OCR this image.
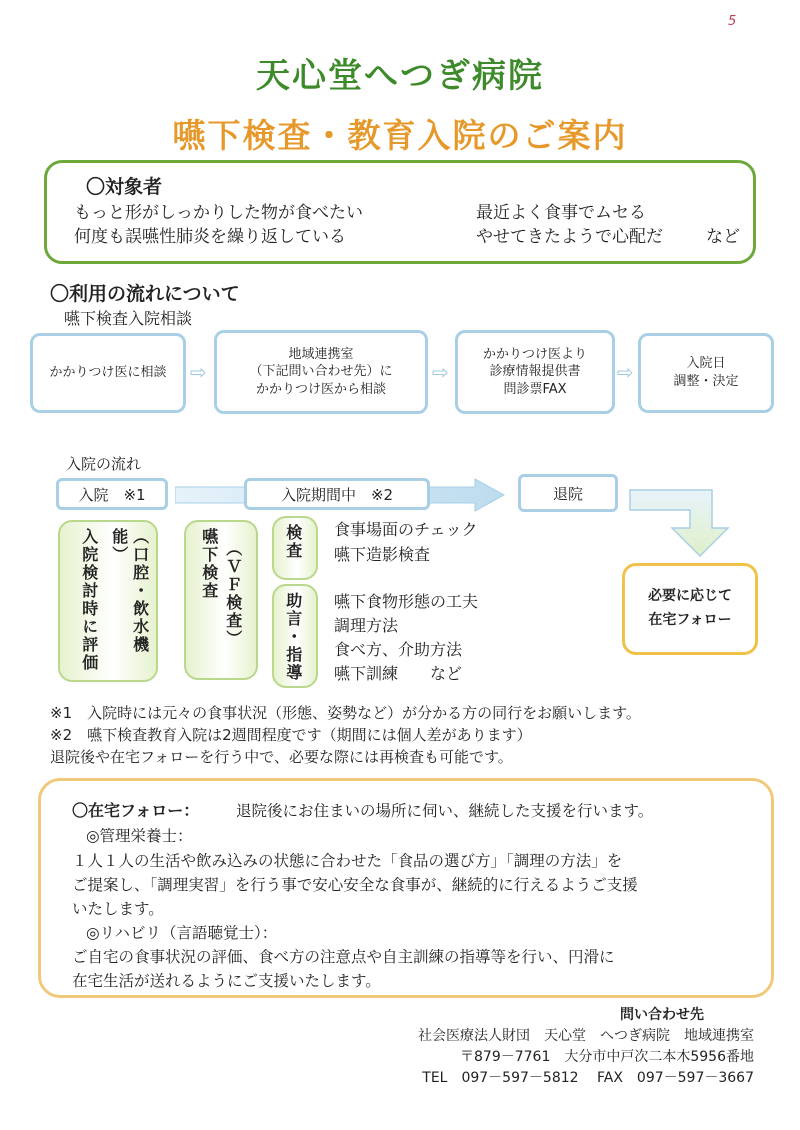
5
天心堂へつぎ病院
嚥下検査・教育入院のご案内
〇対象者
もっと形がしっかりした物が食べたい	最近よく食事でムセる
何度も誤嚥性肺炎を繰り返している	やせてきたようで心配だ	など
〇利用の流れについて
嚥下検査入院相談
かかりつけ医に相談 ⇨
地域連携室
（下記問い合わせ先）に
かかりつけ医から相談
⇨
かかりつけ医より
診療情報提供書
問診票FAX
⇨	入院日
調整・決定
入院の流れ
入院　※1	入院期間中　※2	退院
必要に応じて
在宅フォロー
入院検討時に評価	（口腔・飲水機能）	嚥下検査 （ＶＦ検査）	検査 食事場面のチェック
嚥下造影検査
助言・指導 嚥下食物形態の工夫
調理方法
食べ方、介助方法
嚥下訓練　　など
※1　入院時には元々の食事状況（形態、姿勢など）が分かる方の同行をお願いします。
※2　嚥下検査教育入院は2週間程度です（期間には個人差があります）
退院後や在宅フォローを行う中で、必要な際には再検査も可能です。
〇在宅フォロー： 退院後にお住まいの場所に伺い、継続した支援を行います。
◎管理栄養士：
１人１人の生活や飲み込みの状態に合わせた「食品の選び方」「調理の方法」を
ご提案し、「調理実習」を行う事で安心安全な食事が、継続的に行えるようご支援
いたします。
◎リハビリ（言語聴覚士）：
ご自宅の食事状況の評価、食べ方の注意点や自主訓練の指導等を行い、円滑に
在宅生活が送れるようにご支援いたします。
問い合わせ先
社会医療法人財団　天心堂　へつぎ病院　地域連携室
〒879－7761　大分市中戸次二本木5956番地
TEL　097－597－5812　 FAX　097－597－3667
